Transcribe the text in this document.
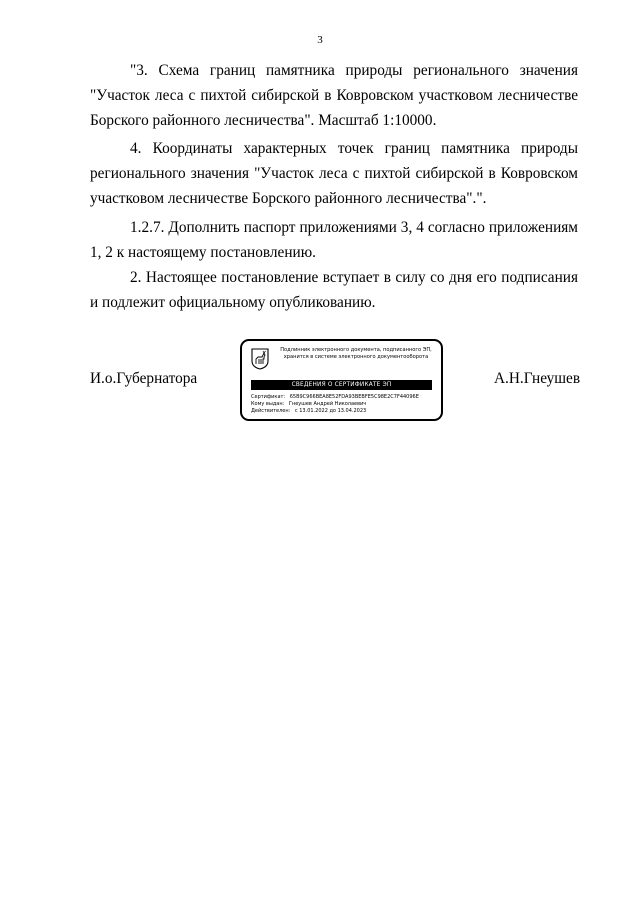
3

"3. Схема границ памятника природы регионального значения
"Участок леса с пихтой сибирской в Ковровском участковом лесничестве
Борского районного лесничества". Масштаб 1:10000.

4. Координаты характерных точек границ памятника природы
регионального значения "Участок леса с пихтой сибирской в Ковровском
участковом лесничестве Борского районного лесничества".".

1.2.7. Дополнить паспорт приложениями 3, 4 согласно приложениям
1, 2 к настоящему постановлению.

2. Настоящее постановление вступает в силу со дня его подписания
и подлежит официальному опубликованию.

И.о.Губернатора
Подлинник электронного документа, подписанного ЭП,
хранится в системе электронного документооборота
СВЕДЕНИЯ О СЕРТИФИКАТЕ ЭП
Сертификат: 65B9C966BEA8E52FDA93BEBFE5C98E2C7F44096E
Кому выдан: Гнеушев Андрей Николаевич
Действителен: с 13.01.2022 до 13.04.2023
А.Н.Гнеушев
